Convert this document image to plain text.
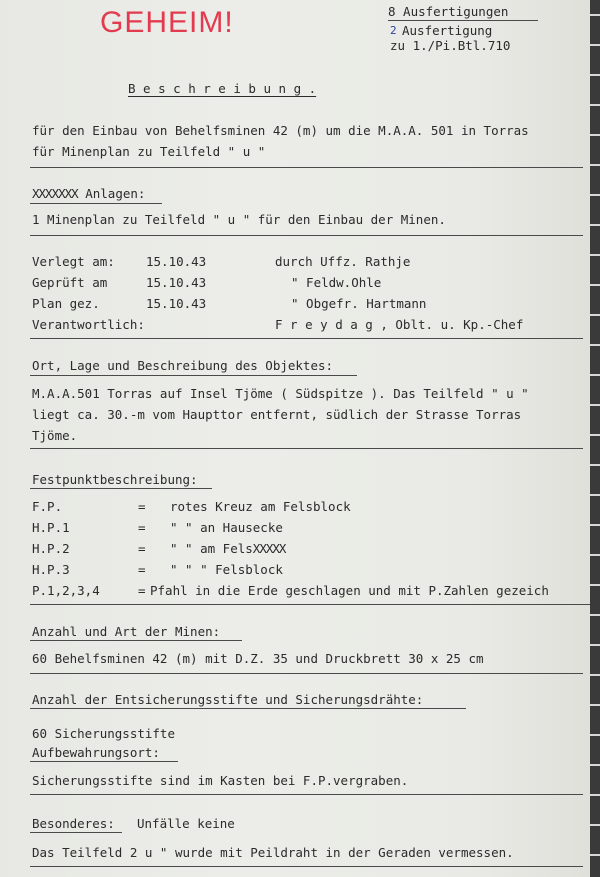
GEHEIM!	8 Ausfertigungen
2 Ausfertigung
zu 1./Pi.Btl.710
B e s c h r e i b u n g .
für den Einbau von Behelfsminen 42 (m) um die M.A.A. 501 in Torras
für Minenplan zu Teilfeld " u "
XXXXXXX Anlagen:
1 Minenplan zu Teilfeld " u " für den Einbau der Minen.
Verlegt am: 15.10.43	durch Uffz. Rathje
Geprüft am	15.10.43	" Feldw.Ohle
Plan gez.	15.10.43	" Obgefr. Hartmann
Verantwortlich:	F r e y d a g , Oblt. u. Kp.-Chef
Ort, Lage und Beschreibung des Objektes:
M.A.A.501 Torras auf Insel Tjöme ( Südspitze ). Das Teilfeld " u "
liegt ca. 30.-m vom Haupttor entfernt, südlich der Strasse Torras
Tjöme.
Festpunktbeschreibung:
F.P.	= rotes Kreuz am Felsblock
H.P.1	= " " an Hausecke
H.P.2	= " " am FelsXXXXX
H.P.3	= " " " Felsblock
P.1,2,3,4	= Pfahl in die Erde geschlagen und mit P.Zahlen gezeich
Anzahl und Art der Minen:
60 Behelfsminen 42 (m) mit D.Z. 35 und Druckbrett 30 x 25 cm
Anzahl der Entsicherungsstifte und Sicherungsdrähte:
60 Sicherungsstifte
Aufbewahrungsort:
Sicherungsstifte sind im Kasten bei F.P.vergraben.
Besonderes: Unfälle keine
Das Teilfeld 2 u " wurde mit Peildraht in der Geraden vermessen.
